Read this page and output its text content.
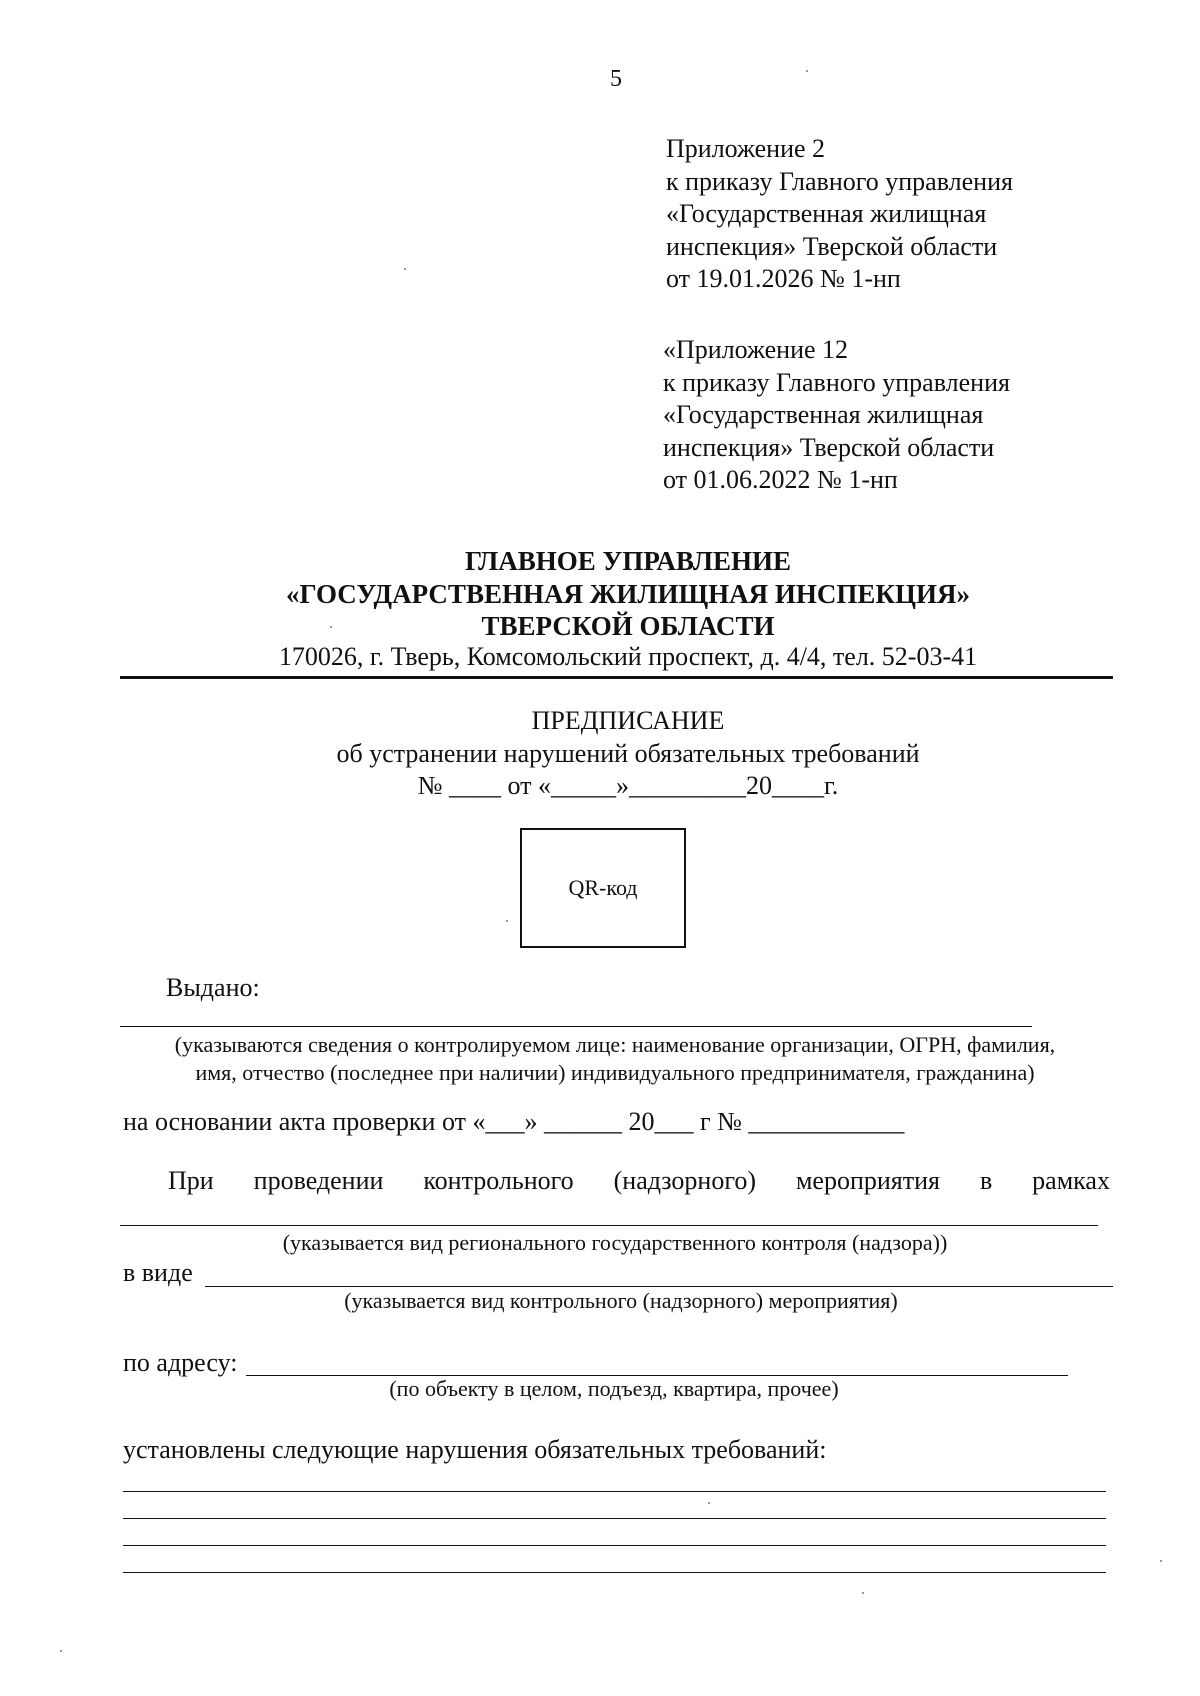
5
Приложение 2
к приказу Главного управления
«Государственная жилищная
инспекция» Тверской области
от 19.01.2026 № 1-нп
«Приложение 12
к приказу Главного управления
«Государственная жилищная
инспекция» Тверской области
от 01.06.2022 № 1-нп
ГЛАВНОЕ УПРАВЛЕНИЕ
«ГОСУДАРСТВЕННАЯ ЖИЛИЩНАЯ ИНСПЕКЦИЯ»
ТВЕРСКОЙ ОБЛАСТИ
170026, г. Тверь, Комсомольский проспект, д. 4/4, тел. 52-03-41
ПРЕДПИСАНИЕ
об устранении нарушений обязательных требований
№ ____ от «_____»_________20____г.
QR-код
Выдано:
(указываются сведения о контролируемом лице: наименование организации, ОГРН, фамилия,
имя, отчество (последнее при наличии) индивидуального предпринимателя, гражданина)
на основании акта проверки от «___» ______ 20___ г № ____________
При проведении контрольного (надзорного) мероприятия в рамках
(указывается вид регионального государственного контроля (надзора))
в виде
(указывается вид контрольного (надзорного) мероприятия)
по адресу:
(по объекту в целом, подъезд, квартира, прочее)
установлены следующие нарушения обязательных требований:
